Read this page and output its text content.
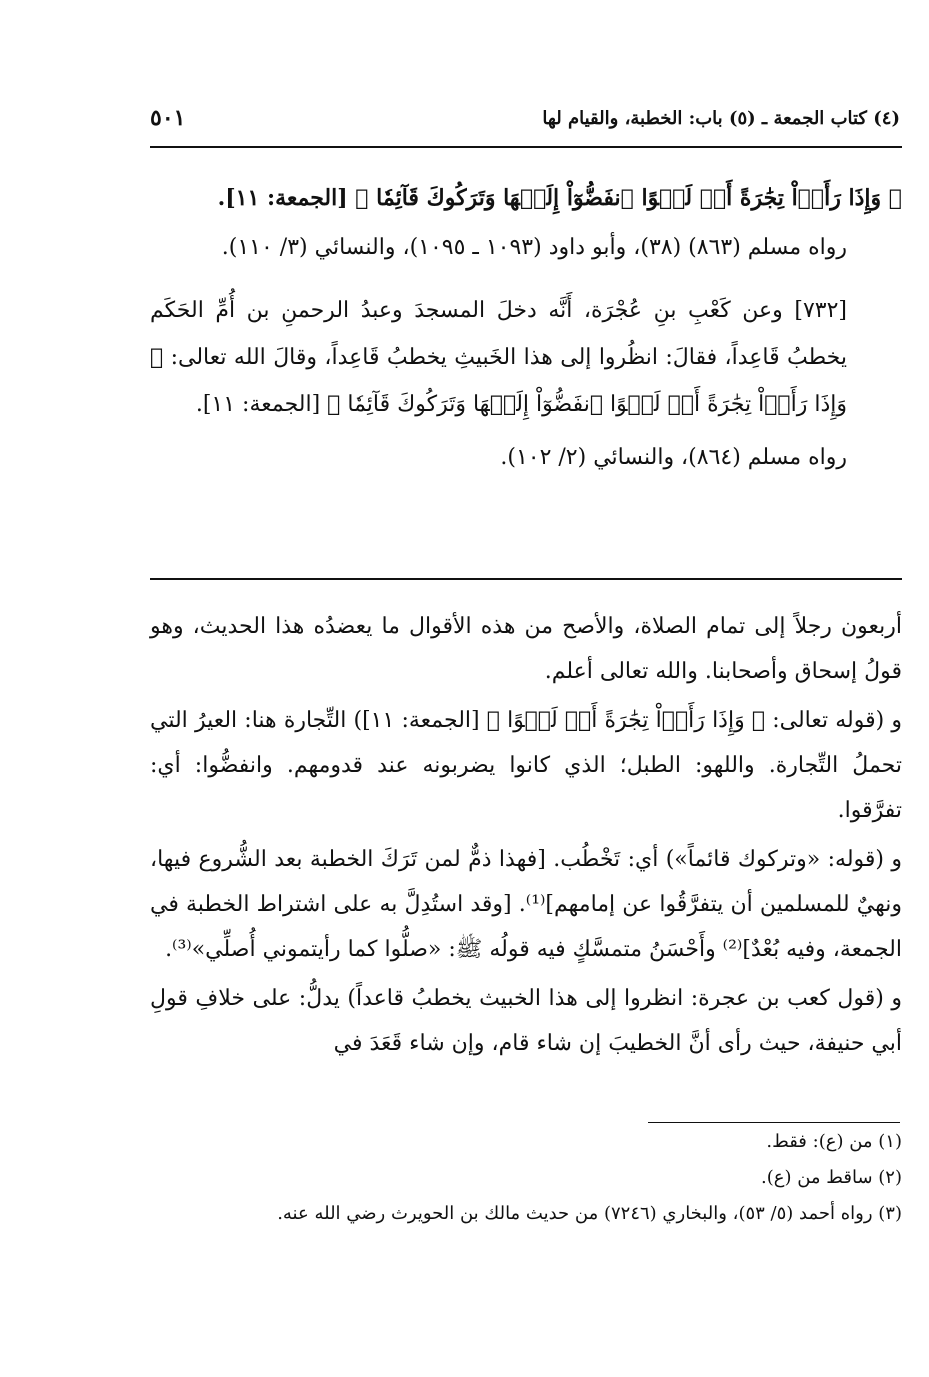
(٤) كتاب الجمعة ـ (٥) باب: الخطبة، والقيام لها
٥٠١

﴿ وَإِذَا رَأَوۡاْ تِجَٰرَةً أَوۡ لَهۡوًا ٱنفَضُّوٓاْ إِلَيۡهَا وَتَرَكُوكَ قَآئِمٗا ﴾ [الجمعة: ١١].

رواه مسلم (٨٦٣) (٣٨)، وأبو داود (١٠٩٣ ـ ١٠٩٥)، والنسائي (٣/ ١١٠).

[٧٣٢] وعن كَعْبِ بنِ عُجْرَة، أَنَّه دخلَ المسجدَ وعبدُ الرحمنِ بن أُمِّ الحَكَم يخطبُ قَاعِداً، فقالَ: انظُروا إلى هذا الخَبيثِ يخطبُ قَاعِداً، وقالَ الله تعالى: ﴿ وَإِذَا رَأَوۡاْ تِجَٰرَةً أَوۡ لَهۡوًا ٱنفَضُّوٓاْ إِلَيۡهَا وَتَرَكُوكَ قَآئِمٗا ﴾ [الجمعة: ١١].

رواه مسلم (٨٦٤)، والنسائي (٢/ ١٠٢).

أربعون رجلاً إلى تمام الصلاة، والأصح من هذه الأقوال ما يعضدُه هذا الحديث، وهو قولُ إسحاق وأصحابنا. والله تعالى أعلم.

و (قوله تعالى: ﴿ وَإِذَا رَأَوۡاْ تِجَٰرَةً أَوۡ لَهۡوًا ﴾ [الجمعة: ١١]) التِّجارة هنا: العيرُ التي تحملُ التِّجارة. واللهو: الطبل؛ الذي كانوا يضربونه عند قدومهم. وانفضُّوا: أي: تفرَّقوا.

و (قوله: «وتركوك قائماً») أي: تَخْطُب. [فهذا ذمٌّ لمن تَرَكَ الخطبة بعد الشُّروع فيها، ونهيٌ للمسلمين أن يتفرَّقُوا عن إمامهم]⁽¹⁾. [وقد استُدِلَّ به على اشتراط الخطبة في الجمعة، وفيه بُعْدٌ]⁽²⁾ وأَحْسَنُ متمسَّكٍ فيه قولُه ﷺ: «صلُّوا كما رأيتموني أُصلِّي»⁽³⁾.

و (قول كعب بن عجرة: انظروا إلى هذا الخبيث يخطبُ قاعداً) يدلُّ: على خلافِ قولِ أبي حنيفة، حيث رأى أنَّ الخطيبَ إن شاء قام، وإن شاء قَعَدَ في

(١) من (ع): فقط.

(٢) ساقط من (ع).

(٣) رواه أحمد (٥/ ٥٣)، والبخاري (٧٢٤٦) من حديث مالك بن الحويرث رضي الله عنه.
